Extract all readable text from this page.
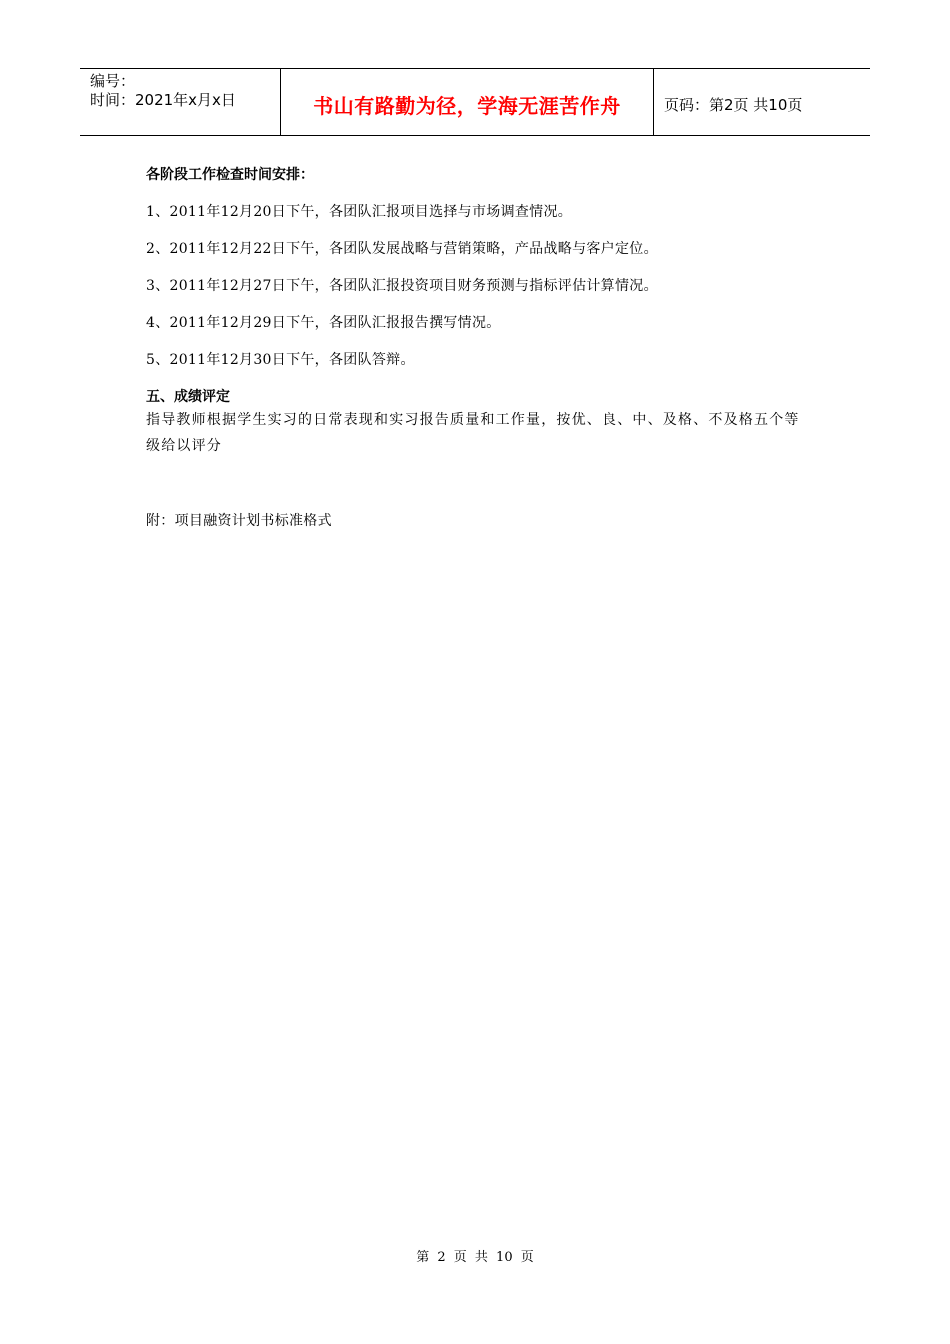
编号：
时间：2021年x月x日	书山有路勤为径，学海无涯苦作舟	页码：第2页 共10页
各阶段工作检查时间安排：
1、2011年12月20日下午，各团队汇报项目选择与市场调查情况。
2、2011年12月22日下午，各团队发展战略与营销策略，产品战略与客户定位。
3、2011年12月27日下午，各团队汇报投资项目财务预测与指标评估计算情况。
4、2011年12月29日下午，各团队汇报报告撰写情况。
5、2011年12月30日下午，各团队答辩。
五、成绩评定
指导教师根据学生实习的日常表现和实习报告质量和工作量，按优、良、中、及格、不及格五个等级给以评分
附：项目融资计划书标准格式
第 2 页 共 10 页
